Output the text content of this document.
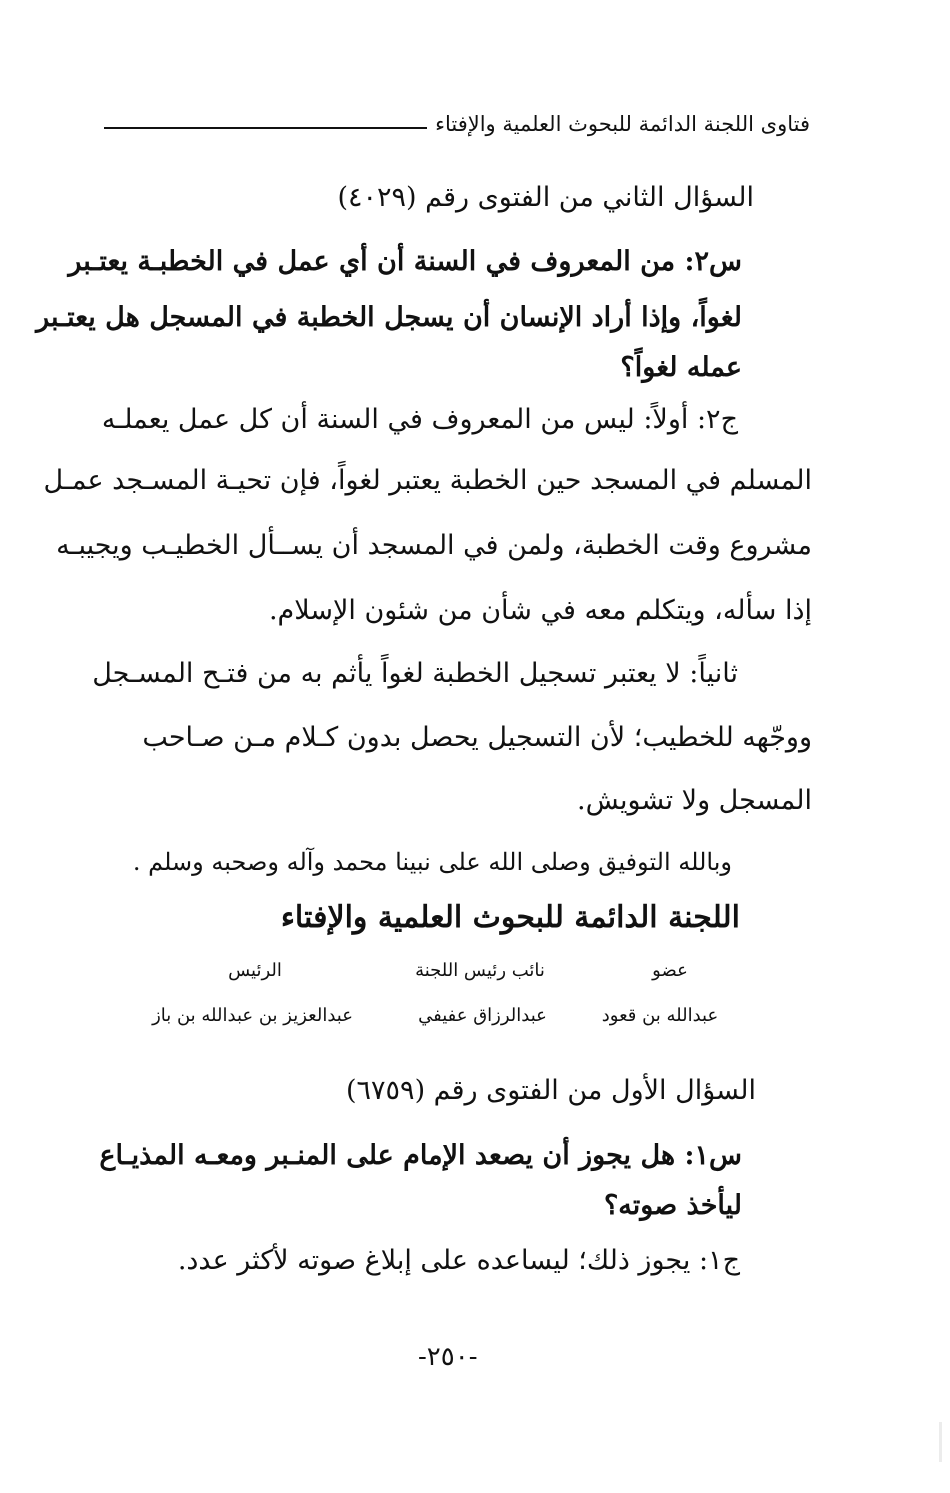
فتاوى اللجنة الدائمة للبحوث العلمية والإفتاء
السؤال الثاني من الفتوى رقم (٤٠٢٩)
س٢: من المعروف في السنة أن أي عمل في الخطبـة يعتـبر
لغواً، وإذا أراد الإنسان أن يسجل الخطبة في المسجل هل يعتـبر
عمله لغواً؟
ج٢: أولاً: ليس من المعروف في السنة أن كل عمل يعملـه
المسلم في المسجد حين الخطبة يعتبر لغواً، فإن تحيـة المسـجد عمـل
مشروع وقت الخطبة، ولمن في المسجد أن يســأل الخطيـب ويجيبـه
إذا سأله، ويتكلم معه في شأن من شئون الإسلام.
ثانياً: لا يعتبر تسجيل الخطبة لغواً يأثم به من فتـح المسـجل
ووجّهه للخطيب؛ لأن التسجيل يحصل بدون كـلام مـن صـاحب
المسجل ولا تشويش.
وبالله التوفيق وصلى الله على نبينا محمد وآله وصحبه وسلم .
اللجنة الدائمة للبحوث العلمية والإفتاء
عضو
نائب رئيس اللجنة
الرئيس
عبدالله بن قعود
عبدالرزاق عفيفي
عبدالعزيز بن عبدالله بن باز
السؤال الأول من الفتوى رقم (٦٧٥٩)
س١: هل يجوز أن يصعد الإمام على المنـبر ومعـه المذيـاع
ليأخذ صوته؟
ج١: يجوز ذلك؛ ليساعده على إبلاغ صوته لأكثر عدد.
-٢٥٠-
